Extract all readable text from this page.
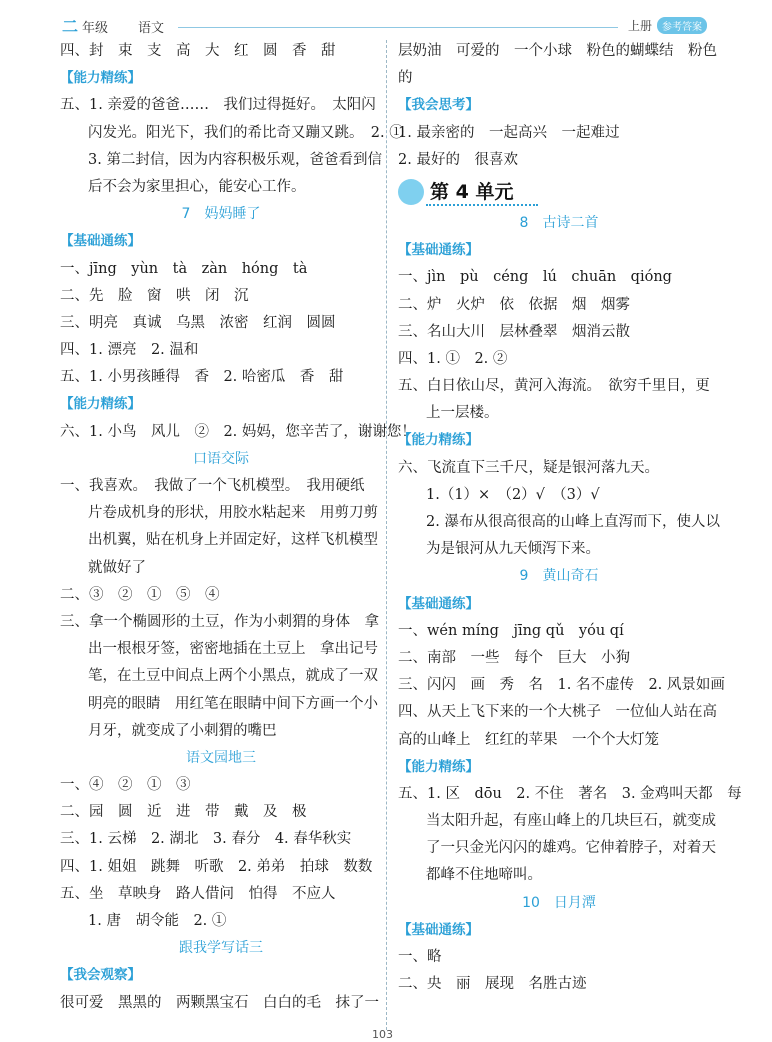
二 年级 语文	上册 参考答案
四、封　束　支　高　大　红　圆　香　甜
【能力精练】
五、1. 亲爱的爸爸……　我们过得挺好。　太阳闪
闪发光。阳光下，我们的希比奇又蹦又跳。　2. ①
3. 第二封信，因为内容积极乐观，爸爸看到信
后不会为家里担心，能安心工作。
7　妈妈睡了
【基础通练】
一、jīng　yùn　tà　zàn　hóng　tà
二、先　脸　窗　哄　闭　沉
三、明亮　真诚　乌黑　浓密　红润　圆圆
四、1. 漂亮　2. 温和
五、1. 小男孩睡得　香　2. 哈密瓜　香　甜
【能力精练】
六、1. 小鸟　风儿　②　2. 妈妈，您辛苦了，谢谢您！
口语交际
一、我喜欢。　我做了一个飞机模型。　我用硬纸
片卷成机身的形状，用胶水粘起来　用剪刀剪
出机翼，贴在机身上并固定好，这样飞机模型
就做好了
二、③　②　①　⑤　④
三、拿一个椭圆形的土豆，作为小刺猬的身体　拿
出一根根牙签，密密地插在土豆上　拿出记号
笔，在土豆中间点上两个小黑点，就成了一双
明亮的眼睛　用红笔在眼睛中间下方画一个小
月牙，就变成了小刺猬的嘴巴
语文园地三
一、④　②　①　③
二、园　圆　近　进　带　戴　及　极
三、1. 云梯　2. 湖北　3. 春分　4. 春华秋实
四、1. 姐姐　跳舞　听歌　2. 弟弟　拍球　数数
五、坐　草映身　路人借问　怕得　不应人
1. 唐　胡令能　2. ①
跟我学写话三
【我会观察】
很可爱　黑黑的　两颗黑宝石　白白的毛　抹了一
层奶油　可爱的　一个小球　粉色的蝴蝶结　粉色
的
【我会思考】
1. 最亲密的　一起高兴　一起难过
2. 最好的　很喜欢
第 4 单元
8　古诗二首
【基础通练】
一、jìn　pù　céng　lú　chuān　qióng
二、炉　火炉　依　依据　烟　烟雾
三、名山大川　层林叠翠　烟消云散
四、1. ①　2. ②
五、白日依山尽，黄河入海流。　欲穷千里目，更
上一层楼。
【能力精练】
六、飞流直下三千尺，疑是银河落九天。
1.（1）×　（2）√　（3）√
2. 瀑布从很高很高的山峰上直泻而下，使人以
为是银河从九天倾泻下来。
9　黄山奇石
【基础通练】
一、wén míng　jīng qǔ　yóu qí
二、南部　一些　每个　巨大　小狗
三、闪闪　画　秀　名　1. 名不虚传　2. 风景如画
四、从天上飞下来的一个大桃子　一位仙人站在高
高的山峰上　红红的苹果　一个个大灯笼
【能力精练】
五、1. 区　dōu　2. 不住　著名　3. 金鸡叫天都　每
当太阳升起，有座山峰上的几块巨石，就变成
了一只金光闪闪的雄鸡。它伸着脖子，对着天
都峰不住地啼叫。
10　日月潭
【基础通练】
一、略
二、央　丽　展现　名胜古迹
103
